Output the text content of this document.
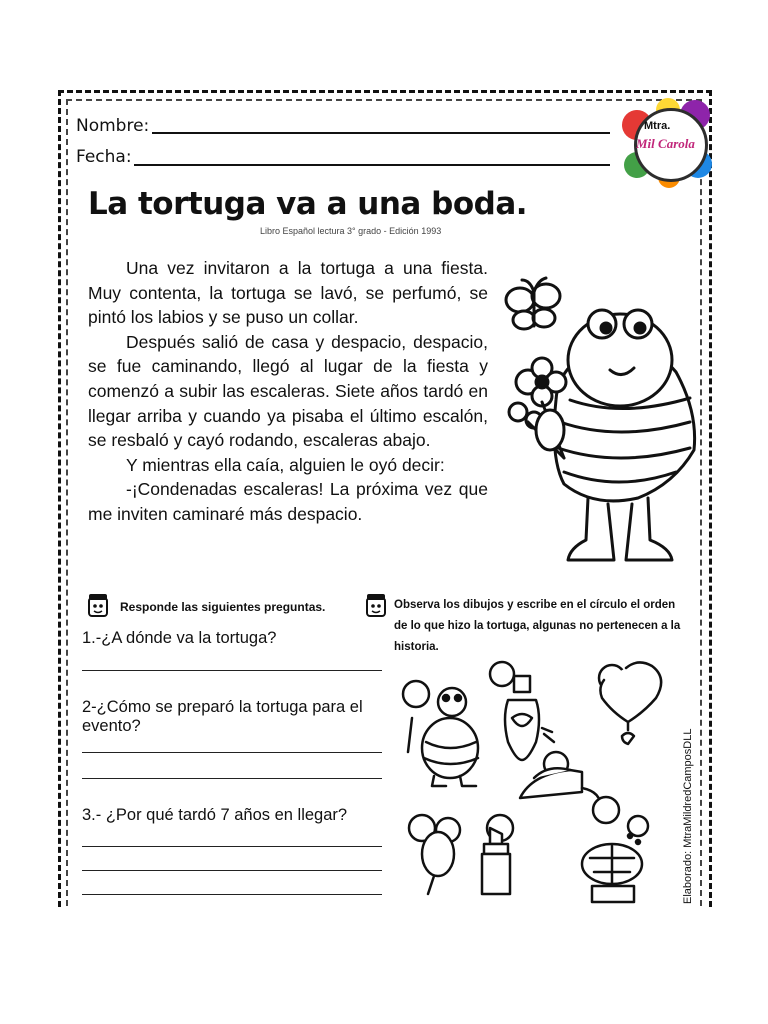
Nombre:
Fecha:
Mtra.
Mil Carola
La tortuga va a una boda.
Libro Español lectura 3° grado - Edición 1993

Una vez invitaron a la tortuga a una fiesta. Muy contenta, la tortuga se lavó, se perfumó, se pintó los labios y se puso un collar.

Después salió de casa y despacio, despacio, se fue caminando, llegó al lugar de la fiesta y comenzó a subir las escaleras. Siete años tardó en llegar arriba y cuando ya pisaba el último escalón, se resbaló y cayó rodando, escaleras abajo.

Y mientras ella caía, alguien le oyó decir:

-¡Condenadas escaleras! La próxima vez que me inviten caminaré más despacio.

Responde las siguientes preguntas.
1.-¿A dónde va la tortuga?
2-¿Cómo se preparó la tortuga para el evento?
3.- ¿Por qué tardó 7 años en llegar?
Observa los dibujos y escribe en el círculo el orden de lo que hizo la tortuga, algunas no pertenecen a la historia.
Elaborado: MtraMildredCamposDLL
